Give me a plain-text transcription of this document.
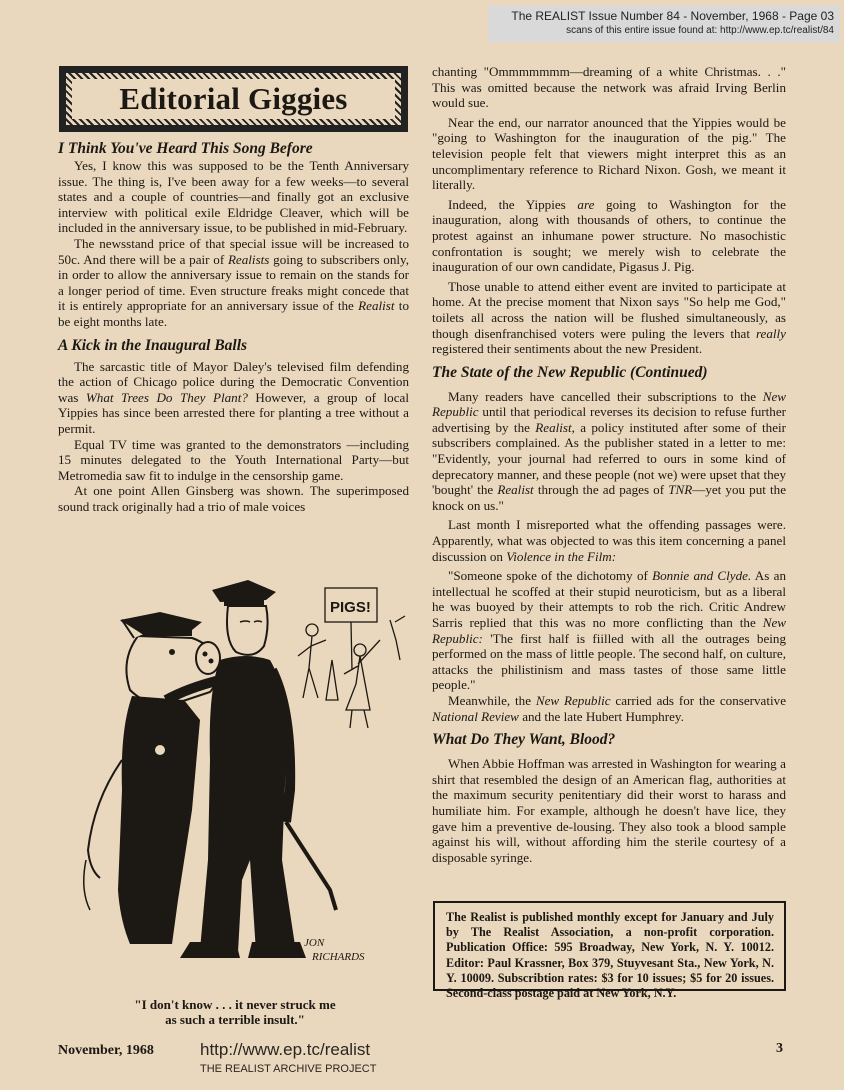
The REALIST Issue Number 84 - November, 1968 - Page 03
scans of this entire issue found at: http://www.ep.tc/realist/84
Editorial Giggies
I Think You've Heard This Song Before

Yes, I know this was supposed to be the Tenth Anniversary issue. The thing is, I've been away for a few weeks—to several states and a couple of countries—and finally got an exclusive interview with political exile Eldridge Cleaver, which will be included in the anniversary issue, to be published in mid-February.

The newsstand price of that special issue will be increased to 50c. And there will be a pair of Realists going to subscribers only, in order to allow the anniversary issue to remain on the stands for a longer period of time. Even structure freaks might concede that it is entirely appropriate for an anniversary issue of the Realist to be eight months late.

A Kick in the Inaugural Balls

The sarcastic title of Mayor Daley's televised film defending the action of Chicago police during the Democratic Convention was What Trees Do They Plant? However, a group of local Yippies has since been arrested there for planting a tree without a permit.

Equal TV time was granted to the demonstrators —including 15 minutes delegated to the Youth International Party—but Metromedia saw fit to indulge in the censorship game.

At one point Allen Ginsberg was shown. The superimposed sound track originally had a trio of male voices

PIGS!
JON
RICHARDS
"I don't know . . . it never struck me
as such a terrible insult."

chanting "Ommmmmmm—dreaming of a white Christmas. . ." This was omitted because the network was afraid Irving Berlin would sue.

Near the end, our narrator anounced that the Yippies would be "going to Washington for the inauguration of the pig." The television people felt that viewers might interpret this as an uncomplimentary reference to Richard Nixon. Gosh, we meant it literally.

Indeed, the Yippies are going to Washington for the inauguration, along with thousands of others, to continue the protest against an inhumane power structure. No masochistic confrontation is sought; we merely wish to celebrate the inauguration of our own candidate, Pigasus J. Pig.

Those unable to attend either event are invited to participate at home. At the precise moment that Nixon says "So help me God," toilets all across the nation will be flushed simultaneously, as though disenfranchised voters were puling the levers that really registered their sentiments about the new President.

The State of the New Republic (Continued)

Many readers have cancelled their subscriptions to the New Republic until that periodical reverses its decision to refuse further advertising by the Realist, a policy instituted after some of their subscribers complained. As the publisher stated in a letter to me: "Evidently, your journal had referred to ours in some kind of deprecatory manner, and these people (not we) were upset that they 'bought' the Realist through the ad pages of TNR—yet you put the knock on us."

Last month I misreported what the offending passages were. Apparently, what was objected to was this item concerning a panel discussion on Violence in the Film:

"Someone spoke of the dichotomy of Bonnie and Clyde. As an intellectual he scoffed at their stupid neuroticism, but as a liberal he was buoyed by their attempts to rob the rich. Critic Andrew Sarris replied that this was no more conflicting than the New Republic: 'The first half is fiilled with all the outrages being performed on the mass of little people. The second half, on culture, attacks the philistinism and mass tastes of those same little people."

Meanwhile, the New Republic carried ads for the conservative National Review and the late Hubert Humphrey.

What Do They Want, Blood?

When Abbie Hoffman was arrested in Washington for wearing a shirt that resembled the design of an American flag, authorities at the maximum security penitentiary did their worst to harass and humiliate him. For example, although he doesn't have lice, they gave him a preventive de-lousing. They also took a blood sample against his will, without affording him the sterile courtesy of a disposable syringe.

The Realist is published monthly except for January and July by The Realist Association, a non-profit corporation. Publication Office: 595 Broadway, New York, N. Y. 10012. Editor: Paul Krassner, Box 379, Stuyvesant Sta., New York, N. Y. 10009. Subscribtion rates: $3 for 10 issues; $5 for 20 issues. Second-class postage paid at New York, N.Y.
November, 1968	http://www.ep.tc/realist
THE REALIST ARCHIVE PROJECT
3
